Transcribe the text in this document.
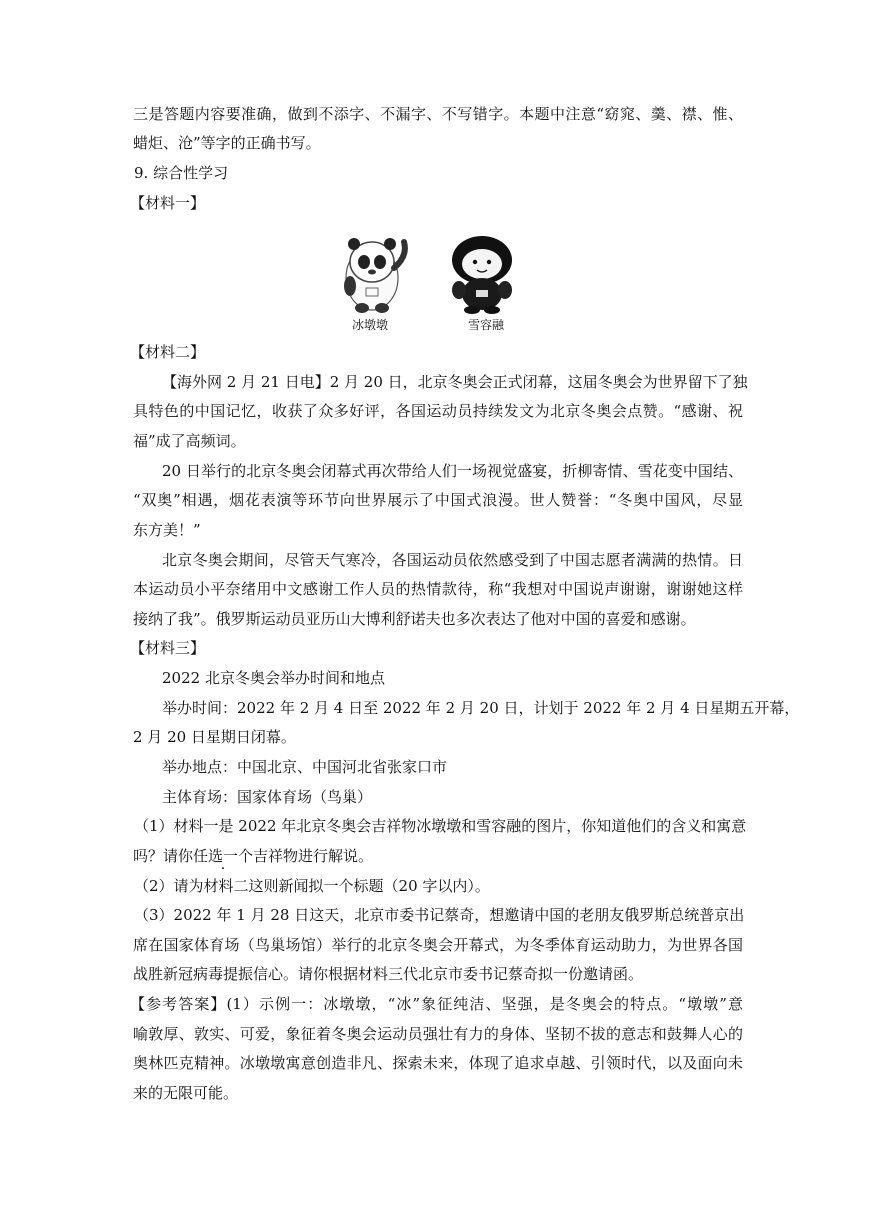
三是答题内容要准确，做到不添字、不漏字、不写错字。本题中注意“窈窕、羹、襟、惟、
蜡炬、沧”等字的正确书写。
9. 综合性学习
【材料一】
冰墩墩	雪容融
【材料二】
【海外网 2 月 21 日电】2 月 20 日，北京冬奥会正式闭幕，这届冬奥会为世界留下了独
具特色的中国记忆，收获了众多好评，各国运动员持续发文为北京冬奥会点赞。“感谢、祝
福”成了高频词。
20 日举行的北京冬奥会闭幕式再次带给人们一场视觉盛宴，折柳寄情、雪花变中国结、
“双奥”相遇，烟花表演等环节向世界展示了中国式浪漫。世人赞誉：“冬奥中国风，尽显
东方美！”
北京冬奥会期间，尽管天气寒冷，各国运动员依然感受到了中国志愿者满满的热情。日
本运动员小平奈绪用中文感谢工作人员的热情款待，称“我想对中国说声谢谢，谢谢她这样
接纳了我”。俄罗斯运动员亚历山大博利舒诺夫也多次表达了他对中国的喜爱和感谢。
【材料三】
2022 北京冬奥会举办时间和地点
举办时间：2022 年 2 月 4 日至 2022 年 2 月 20 日，计划于 2022 年 2 月 4 日星期五开幕，
2 月 20 日星期日闭幕。
举办地点：中国北京、中国河北省张家口市
主体育场：国家体育场（鸟巢）
（1）材料一是 2022 年北京冬奥会吉祥物冰墩墩和雪容融的图片，你知道他们的含义和寓意
吗？请你任选一个吉祥物进行解说。
（2）请为材料二这则新闻拟一个标题（20 字以内）。
（3）2022 年 1 月 28 日这天，北京市委书记蔡奇，想邀请中国的老朋友俄罗斯总统普京出
席在国家体育场（鸟巢场馆）举行的北京冬奥会开幕式，为冬季体育运动助力，为世界各国
战胜新冠病毒提振信心。请你根据材料三代北京市委书记蔡奇拟一份邀请函。
【参考答案】(1）示例一：冰墩墩，“冰”象征纯洁、坚强，是冬奥会的特点。“墩墩”意
喻敦厚、敦实、可爱，象征着冬奥会运动员强壮有力的身体、坚韧不拔的意志和鼓舞人心的
奥林匹克精神。冰墩墩寓意创造非凡、探索未来，体现了追求卓越、引领时代，以及面向未
来的无限可能。
